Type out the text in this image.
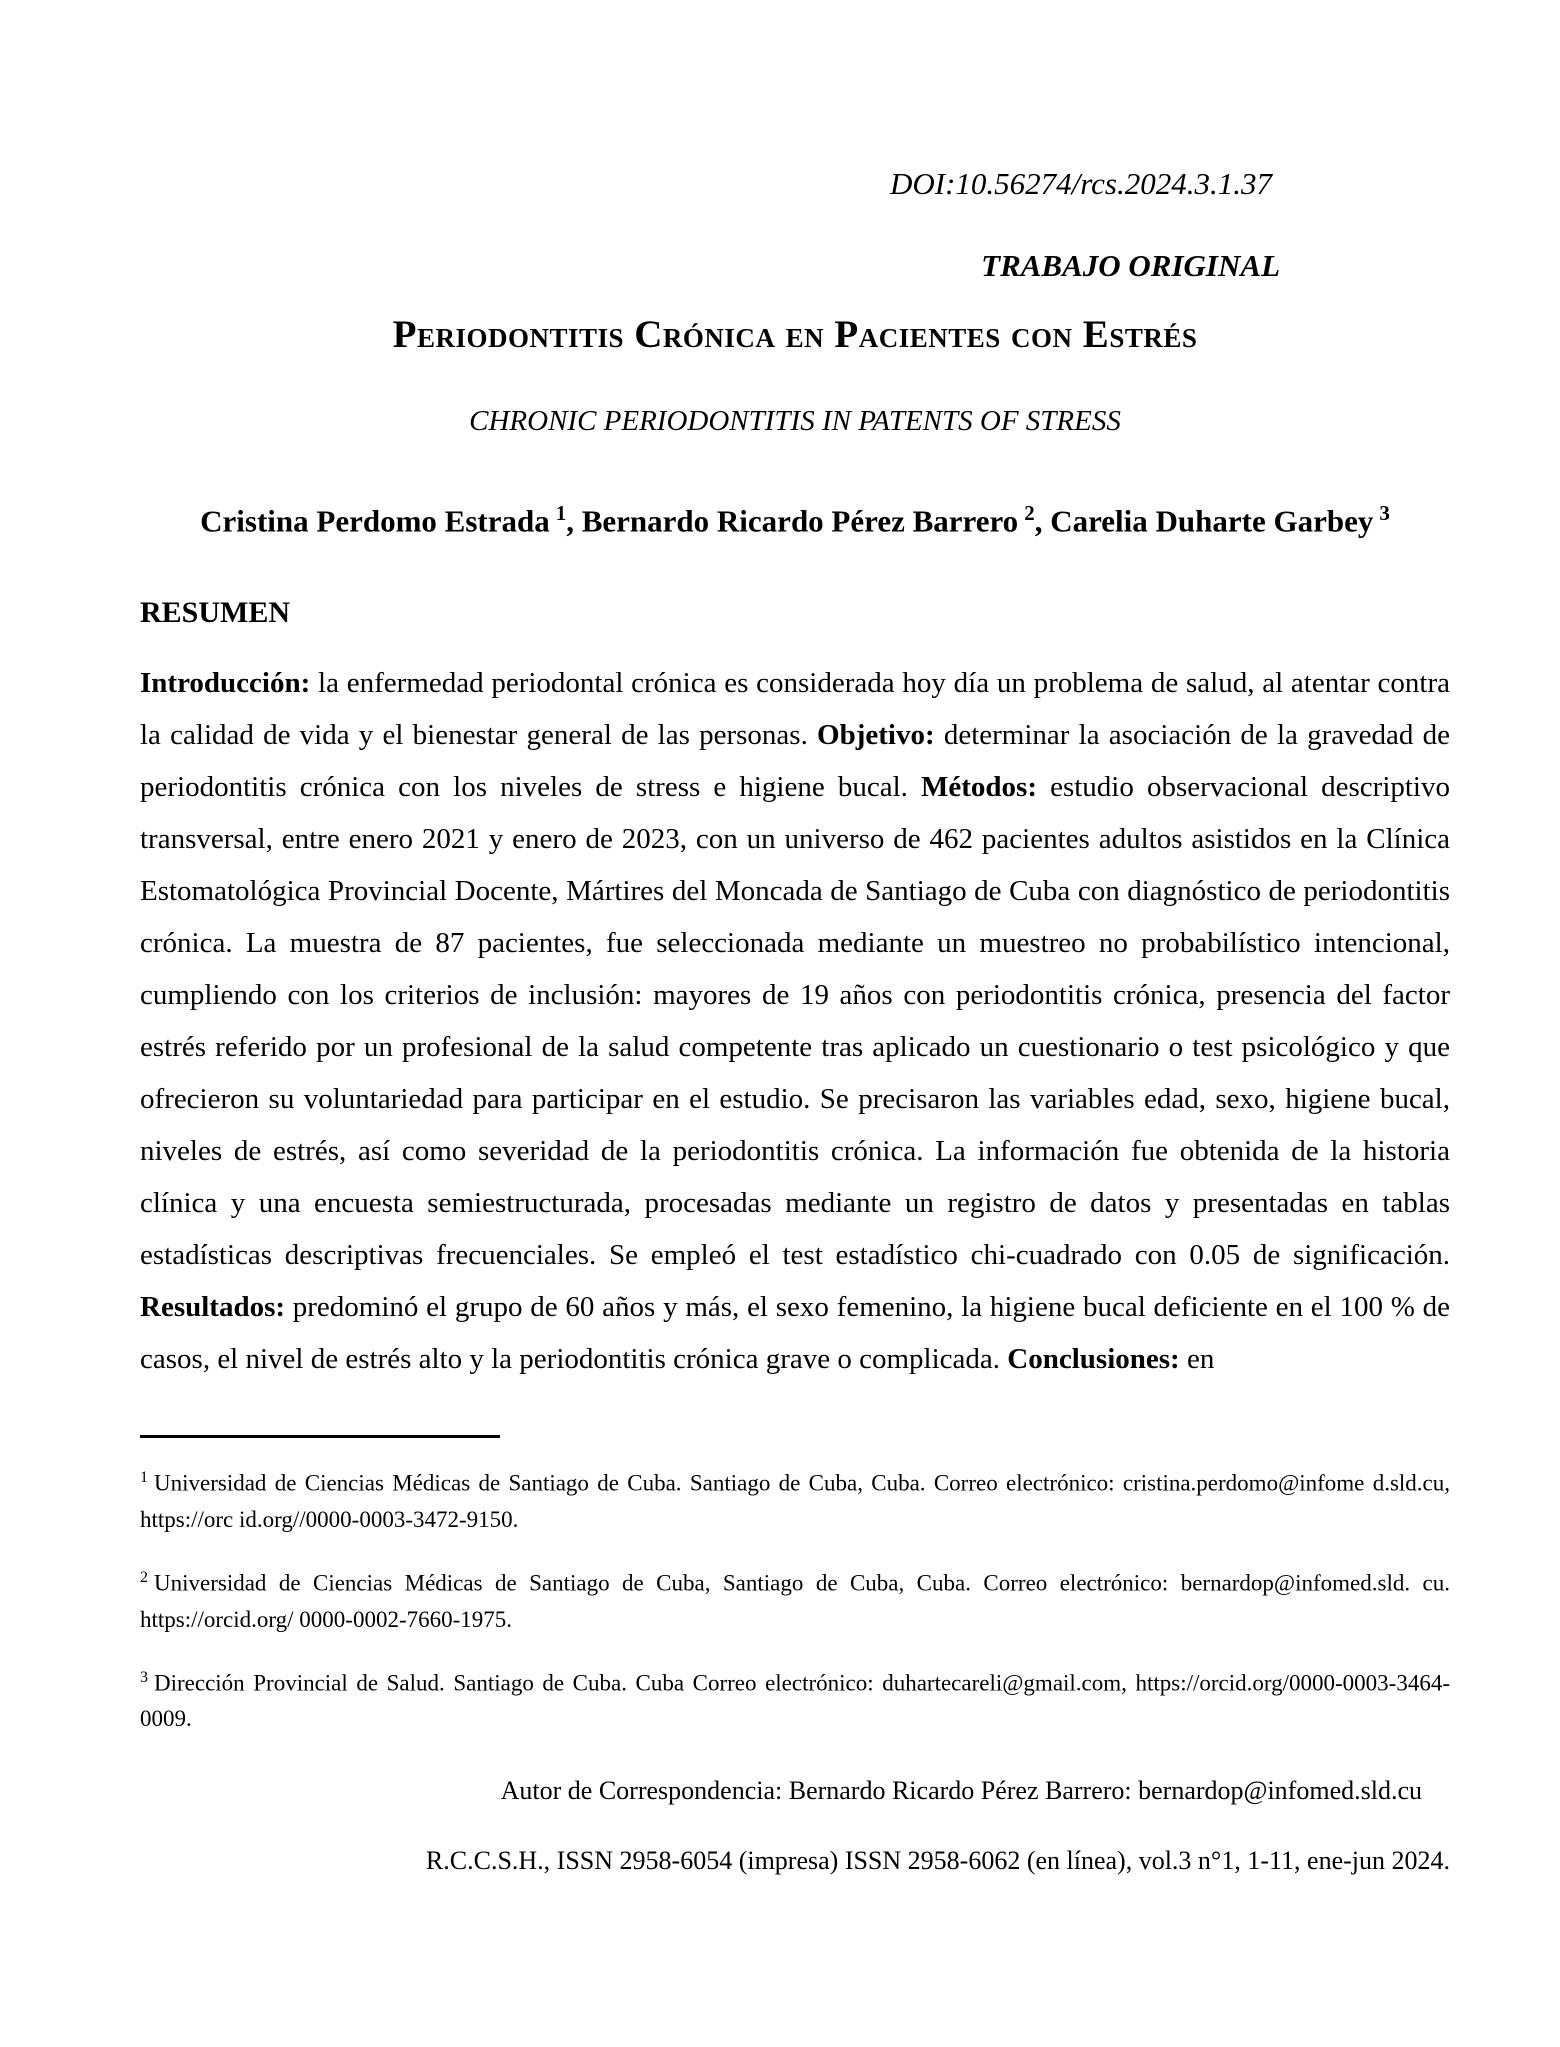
DOI:10.56274/rcs.2024.3.1.37
TRABAJO ORIGINAL
Periodontitis Crónica en Pacientes con Estrés
CHRONIC PERIODONTITIS IN PATENTS OF STRESS
Cristina Perdomo Estrada $^1$, Bernardo Ricardo Pérez Barrero $^2$, Carelia Duharte Garbey $^3$
RESUMEN

Introducción: la enfermedad periodontal crónica es considerada hoy día un problema de salud, al atentar contra la calidad de vida y el bienestar general de las personas. Objetivo: determinar la asociación de la gravedad de periodontitis crónica con los niveles de stress e higiene bucal. Métodos: estudio observacional descriptivo transversal, entre enero 2021 y enero de 2023, con un universo de 462 pacientes adultos asistidos en la Clínica Estomatológica Provincial Docente, Mártires del Moncada de Santiago de Cuba con diagnóstico de periodontitis crónica. La muestra de 87 pacientes, fue seleccionada mediante un muestreo no probabilístico intencional, cumpliendo con los criterios de inclusión: mayores de 19 años con periodontitis crónica, presencia del factor estrés referido por un profesional de la salud competente tras aplicado un cuestionario o test psicológico y que ofrecieron su voluntariedad para participar en el estudio. Se precisaron las variables edad, sexo, higiene bucal, niveles de estrés, así como severidad de la periodontitis crónica. La información fue obtenida de la historia clínica y una encuesta semiestructurada, procesadas mediante un registro de datos y presentadas en tablas estadísticas descriptivas frecuenciales. Se empleó el test estadístico chi-cuadrado con 0.05 de significación. Resultados: predominó el grupo de 60 años y más, el sexo femenino, la higiene bucal deficiente en el 100 % de casos, el nivel de estrés alto y la periodontitis crónica grave o complicada. Conclusiones: en

$^1$ Universidad de Ciencias Médicas de Santiago de Cuba. Santiago de Cuba, Cuba. Correo electrónico: cristina.perdomo@infome d.sld.cu, https://orc id.org//0000-0003-3472-9150.
$^2$ Universidad de Ciencias Médicas de Santiago de Cuba, Santiago de Cuba, Cuba. Correo electrónico: bernardop@infomed.sld. cu. https://orcid.org/ 0000-0002-7660-1975.
$^3$ Dirección Provincial de Salud. Santiago de Cuba. Cuba Correo electrónico: duhartecareli@gmail.com, https://orcid.org/0000-0003-3464-0009.
Autor de Correspondencia: Bernardo Ricardo Pérez Barrero: bernardop@infomed.sld.cu
R.C.C.S.H., ISSN 2958-6054 (impresa) ISSN 2958-6062 (en línea), vol.3 n°1, 1-11, ene-jun 2024.
